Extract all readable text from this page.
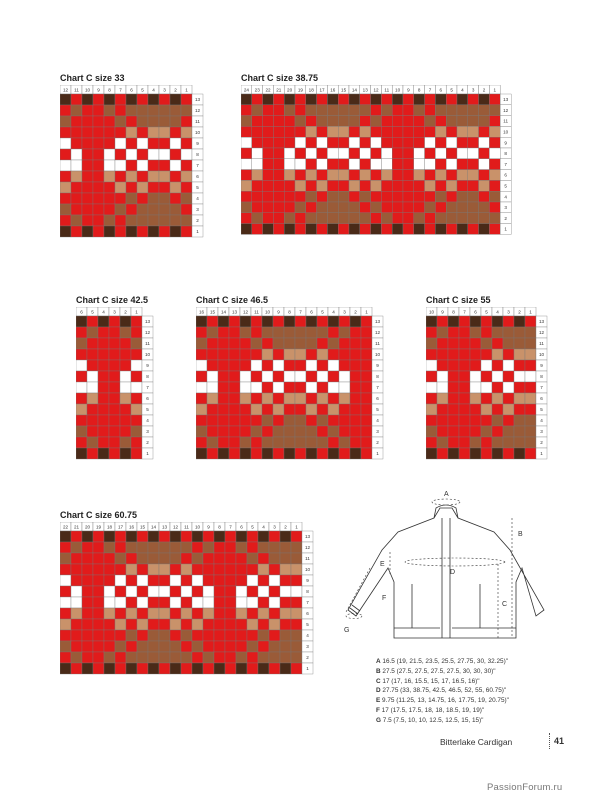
Chart C size 33
12 11 10 9 8 7 6 5 4 3 2 1
13
12
11
10
9
8
7
6
5
4
3
2
1
Chart C size 38.75
24 23 22 21 20 19 18 17 16 15 14 13 12 11 10 9 8 7 6 5 4 3 2 1
13
12
11
10
9
8
7
6
5
4
3
2
1
Chart C size 42.5
6 5 4 3 2 1
13
12
11
10
9
8
7
6
5
4
3
2
1
Chart C size 46.5
16 15 14 13 12 11 10 9 8 7 6 5 4 3 2 1
13
12
11
10
9
8
7
6
5
4
3
2
1
Chart C size 55
10 9 8 7 6 5 4 3 2 1
13
12
11
10
9
8
7
6
5
4
3
2
1
Chart C size 60.75
22 21 20 19 18 17 16 15 14 13 12 11 10 9 8 7 6 5 4 3 2 1
13
12
11
10
9
8
7
6
5
4
3
2
1
A
B
C
D
E
F
G
A 16.5 (19, 21.5, 23.5, 25.5, 27.75, 30, 32.25)"
B 27.5 (27.5, 27.5, 27.5, 27.5, 30, 30, 30)"
C 17 (17, 16, 15.5, 15, 17, 16.5, 16)"
D 27.75 (33, 38.75, 42.5, 46.5, 52, 55, 60.75)"
E 9.75 (11.25, 13, 14.75, 16, 17.75, 19, 20.75)"
F 17 (17.5, 17.5, 18, 18, 18.5, 19, 19)"
G 7.5 (7.5, 10, 10, 12.5, 12.5, 15, 15)"
Bitterlake Cardigan	41
PassionForum.ru
